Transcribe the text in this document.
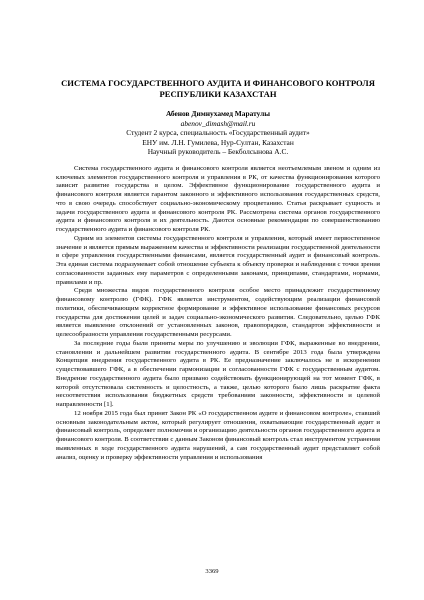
СИСТЕМА ГОСУДАРСТВЕННОГО АУДИТА И ФИНАНСОВОГО КОНТРОЛЯ РЕСПУБЛИКИ КАЗАХСТАН
Абенов Димнухамед Маратулы
abenov_dimash@mail.ru
Студент 2 курса, специальность «Государственный аудит»
ЕНУ им. Л.Н. Гумилева, Нур-Султан, Казахстан
Научный руководитель – Бекболсынова А.С.

Система государственного аудита и финансового контроля является неотъемлемым звеном и одним из ключевых элементов государственного контроля и управления в РК, от качества функционирования которого зависит развитие государства в целом. Эффективное функционирование государственного аудита и финансового контроля является гарантом законного и эффективного использования государственных средств, что в свою очередь способствует социально-экономическому процветанию. Статья раскрывает сущность и задачи государственного аудита и финансового контроля РК. Рассмотрена система органов государственного аудита и финансового контроля и их деятельность. Даются основные рекомендации по совершенствованию государственного аудита и финансового контроля РК.

Одним из элементов системы государственного контроля и управления, который имеет первостепенное значение и является прямым выражением качества и эффективности реализации государственной деятельности в сфере управления государственными финансами, является государственный аудит и финансовый контроль. Эта единая система подразумевает собой отношение субъекта к объекту проверки и наблюдения с точки зрения согласованности заданных ему параметров с определенными законами, принципами, стандартами, нормами, правилами и пр.

Среди множества видов государственного контроля особое место принадлежит государственному финансовому контролю (ГФК). ГФК является инструментом, содействующим реализации финансовой политики, обеспечивающим корректное формирование и эффективное использование финансовых ресурсов государства для достижения целей и задач социально-экономического развития. Следовательно, целью ГФК является выявление отклонений от установленных законов, правопорядков, стандартов эффективности и целесообразности управления государственными ресурсами.

За последние годы были приняты меры по улучшению и эволюции ГФК, выраженные во внедрении, становлении и дальнейшем развитии государственного аудита. В сентябре 2013 года была утверждена Концепция внедрения государственного аудита в РК. Ее предназначение заключалось не в искоренении существовавшего ГФК, а в обеспечении гармонизации и согласованности ГФК с государственным аудитом. Внедрение государственного аудита было призвано содействовать функционирующей на тот момент ГФК, в которой отсутствовала системность и целостность, а также, целью которого было лишь раскрытие факта несоответствия использования бюджетных средств требованиям законности, эффективности и целевой направленности [1].

12 ноября 2015 года был принят Закон РК «О государственном аудите и финансовом контроле», ставший основным законодательным актом, который регулирует отношения, охватывающие государственный аудит и финансовый контроль, определяет полномочия и организацию деятельности органов государственного аудита и финансового контроля. В соответствии с данным Законом финансовый контроль стал инструментом устранения выявленных в ходе государственного аудита нарушений, а сам государственный аудит представляет собой анализ, оценку и проверку эффективности управления и использования

3369
